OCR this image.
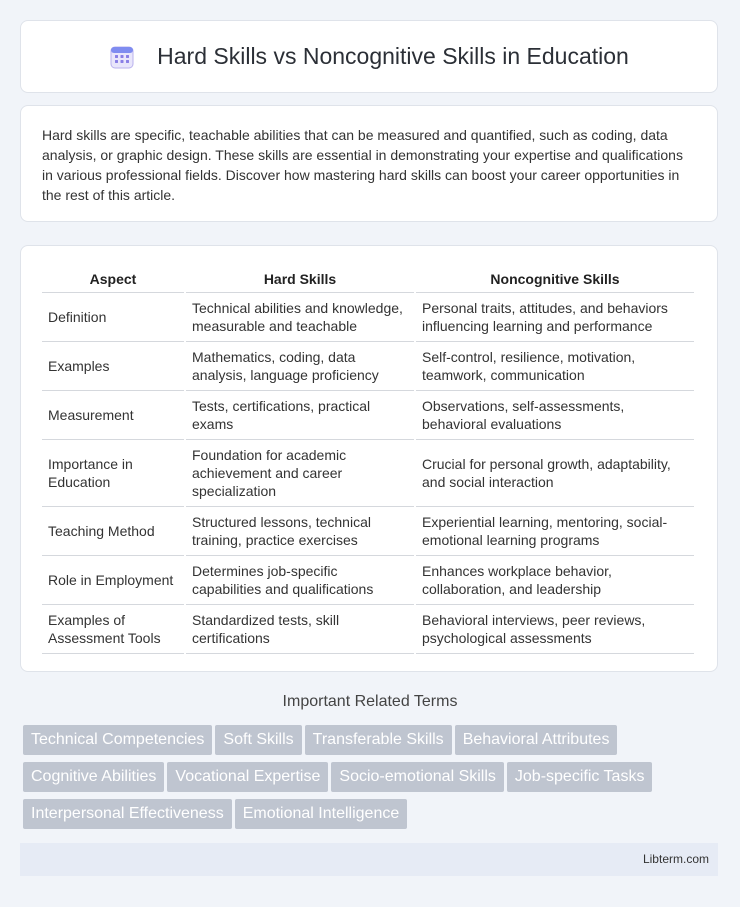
Hard Skills vs Noncognitive Skills in Education

Hard skills are specific, teachable abilities that can be measured and quantified, such as coding, data analysis, or graphic design. These skills are essential in demonstrating your expertise and qualifications in various professional fields. Discover how mastering hard skills can boost your career opportunities in the rest of this article.

Aspect	Hard Skills	Noncognitive Skills
Definition	Technical abilities and knowledge, measurable and teachable	Personal traits, attitudes, and behaviors influencing learning and performance
Examples	Mathematics, coding, data analysis, language proficiency	Self-control, resilience, motivation, teamwork, communication
Measurement	Tests, certifications, practical exams	Observations, self-assessments, behavioral evaluations
Importance in Education	Foundation for academic achievement and career specialization	Crucial for personal growth, adaptability, and social interaction
Teaching Method	Structured lessons, technical training, practice exercises	Experiential learning, mentoring, social-emotional learning programs
Role in Employment	Determines job-specific capabilities and qualifications	Enhances workplace behavior, collaboration, and leadership
Examples of Assessment Tools	Standardized tests, skill certifications	Behavioral interviews, peer reviews, psychological assessments
Important Related Terms
Technical Competencies Soft Skills Transferable Skills Behavioral Attributes
Cognitive Abilities Vocational Expertise Socio-emotional Skills Job-specific Tasks
Interpersonal Effectiveness Emotional Intelligence
Libterm.com
